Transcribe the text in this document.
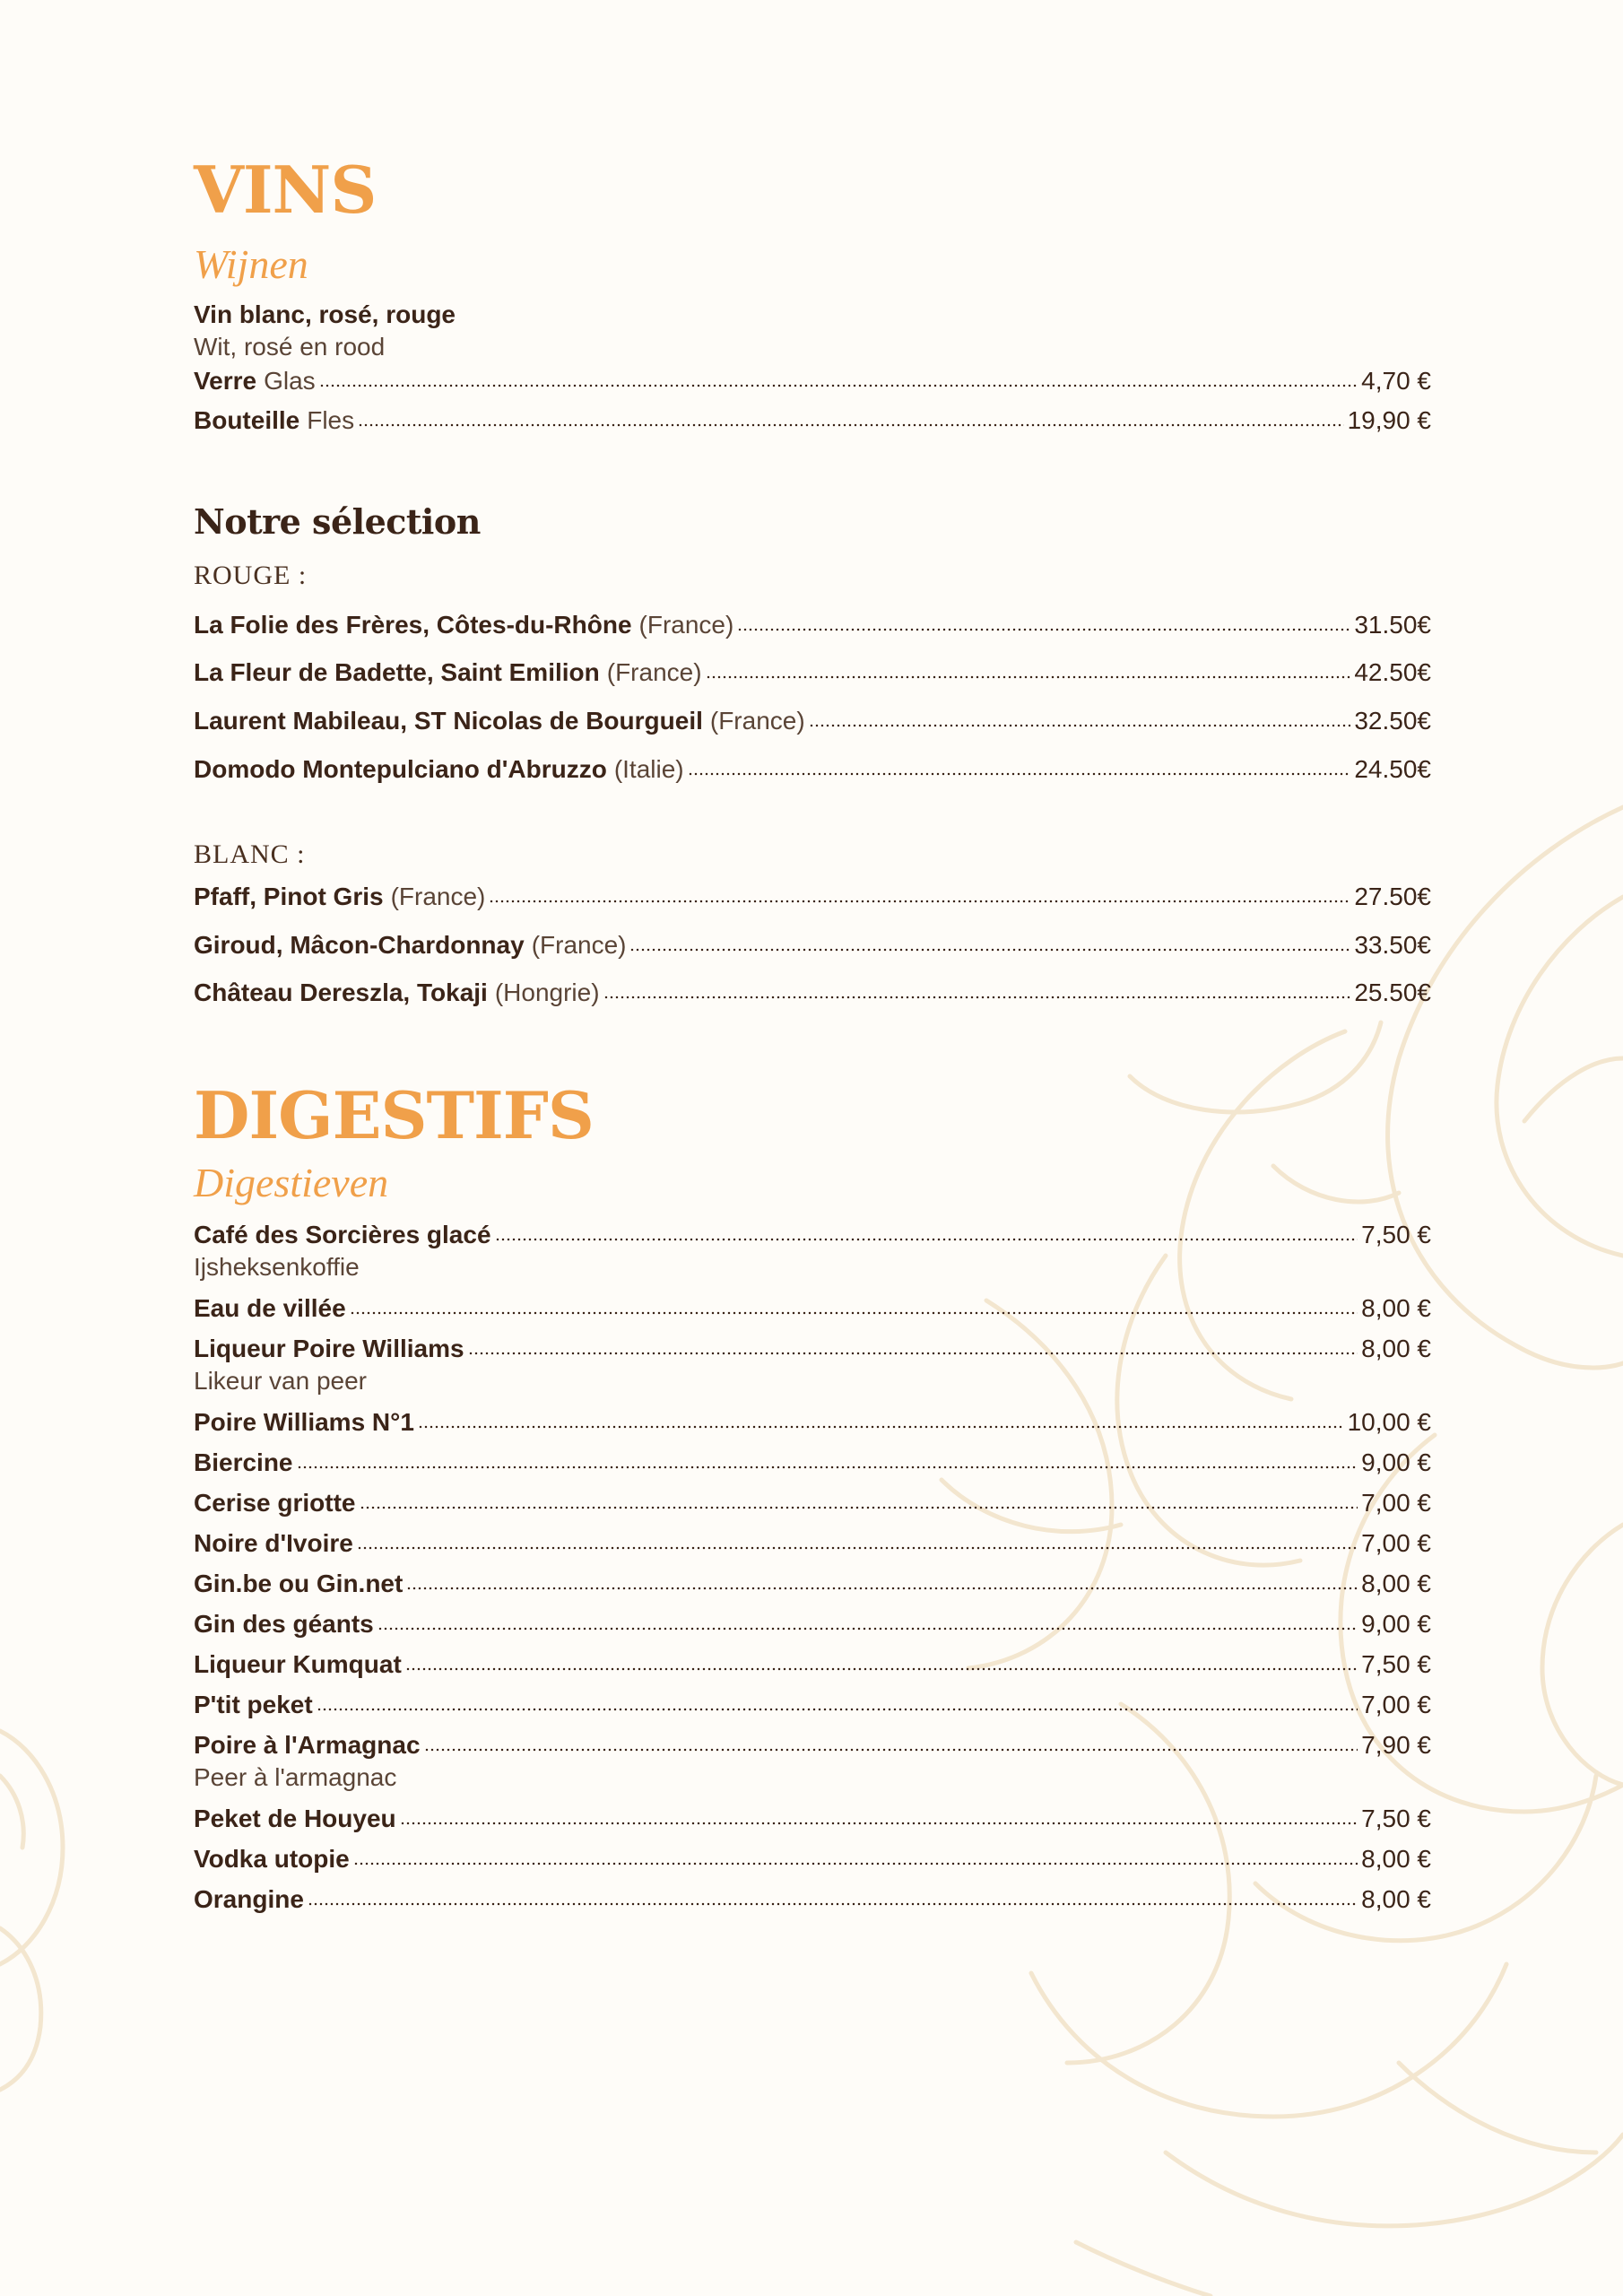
VINS
Wijnen
Vin blanc, rosé, rouge
Wit, rosé en rood
Verre Glas	4,70 €
Bouteille Fles	19,90 €
Notre sélection
ROUGE :
La Folie des Frères, Côtes-du-Rhône (France)	31.50€
La Fleur de Badette, Saint Emilion (France)	42.50€
Laurent Mabileau, ST Nicolas de Bourgueil (France)	32.50€
Domodo Montepulciano d'Abruzzo (Italie)	24.50€
BLANC :
Pfaff, Pinot Gris (France)	27.50€
Giroud, Mâcon-Chardonnay (France)	33.50€
Château Dereszla, Tokaji (Hongrie)	25.50€
DIGESTIFS
Digestieven
Café des Sorcières glacé	7,50 €
Ijsheksenkoffie
Eau de villée	8,00 €
Liqueur Poire Williams	8,00 €
Likeur van peer
Poire Williams N°1	10,00 €
Biercine	9,00 €
Cerise griotte	7,00 €
Noire d'Ivoire	7,00 €
Gin.be ou Gin.net	8,00 €
Gin des géants	9,00 €
Liqueur Kumquat	7,50 €
P'tit peket	7,00 €
Poire à l'Armagnac	7,90 €
Peer à l'armagnac
Peket de Houyeu	7,50 €
Vodka utopie	8,00 €
Orangine	8,00 €
